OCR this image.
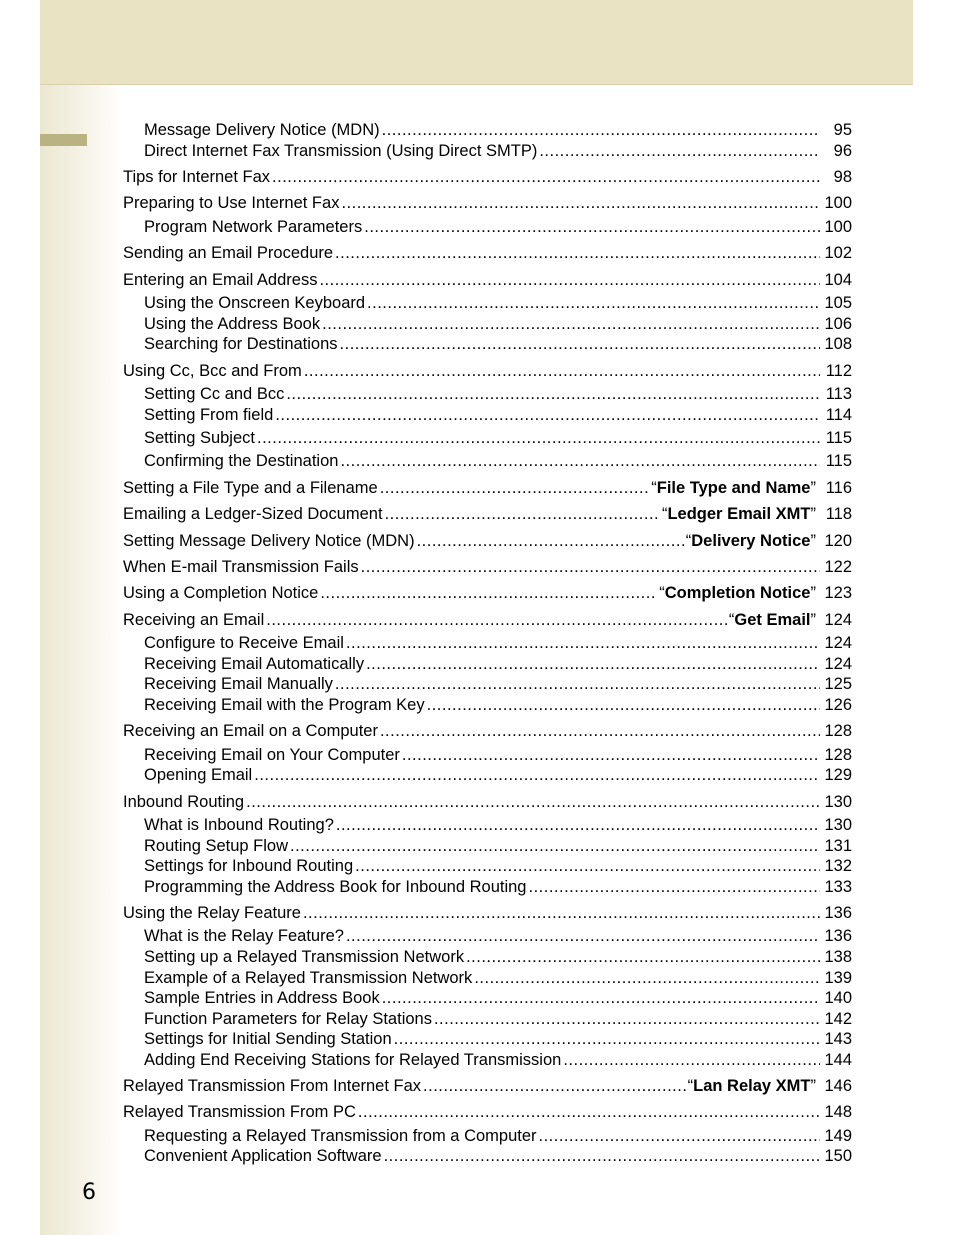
Message Delivery Notice (MDN) .....	95
Direct Internet Fax Transmission (Using Direct SMTP) .....	96
Tips for Internet Fax .....	98
Preparing to Use Internet Fax .....	100
Program Network Parameters .....	100
Sending an Email Procedure .....	102
Entering an Email Address .....	104
Using the Onscreen Keyboard .....	105
Using the Address Book .....	106
Searching for Destinations .....	108
Using Cc, Bcc and From .....	112
Setting Cc and Bcc .....	113
Setting From field .....	114
Setting Subject .....	115
Confirming the Destination .....	115
Setting a File Type and a Filename .....	“File Type and Name” 116
Emailing a Ledger-Sized Document .....	“Ledger Email XMT” 118
Setting Message Delivery Notice (MDN) .....	“Delivery Notice” 120
When E-mail Transmission Fails .....	122
Using a Completion Notice .....	“Completion Notice” 123
Receiving an Email .....	“Get Email” 124
Configure to Receive Email .....	124
Receiving Email Automatically .....	124
Receiving Email Manually .....	125
Receiving Email with the Program Key .....	126
Receiving an Email on a Computer .....	128
Receiving Email on Your Computer .....	128
Opening Email .....	129
Inbound Routing .....	130
What is Inbound Routing? .....	130
Routing Setup Flow .....	131
Settings for Inbound Routing .....	132
Programming the Address Book for Inbound Routing .....	133
Using the Relay Feature .....	136
What is the Relay Feature? .....	136
Setting up a Relayed Transmission Network .....	138
Example of a Relayed Transmission Network .....	139
Sample Entries in Address Book .....	140
Function Parameters for Relay Stations .....	142
Settings for Initial Sending Station .....	143
Adding End Receiving Stations for Relayed Transmission .....	144
Relayed Transmission From Internet Fax .....	“Lan Relay XMT” 146
Relayed Transmission From PC .....	148
Requesting a Relayed Transmission from a Computer .....	149
Convenient Application Software .....	150
6
